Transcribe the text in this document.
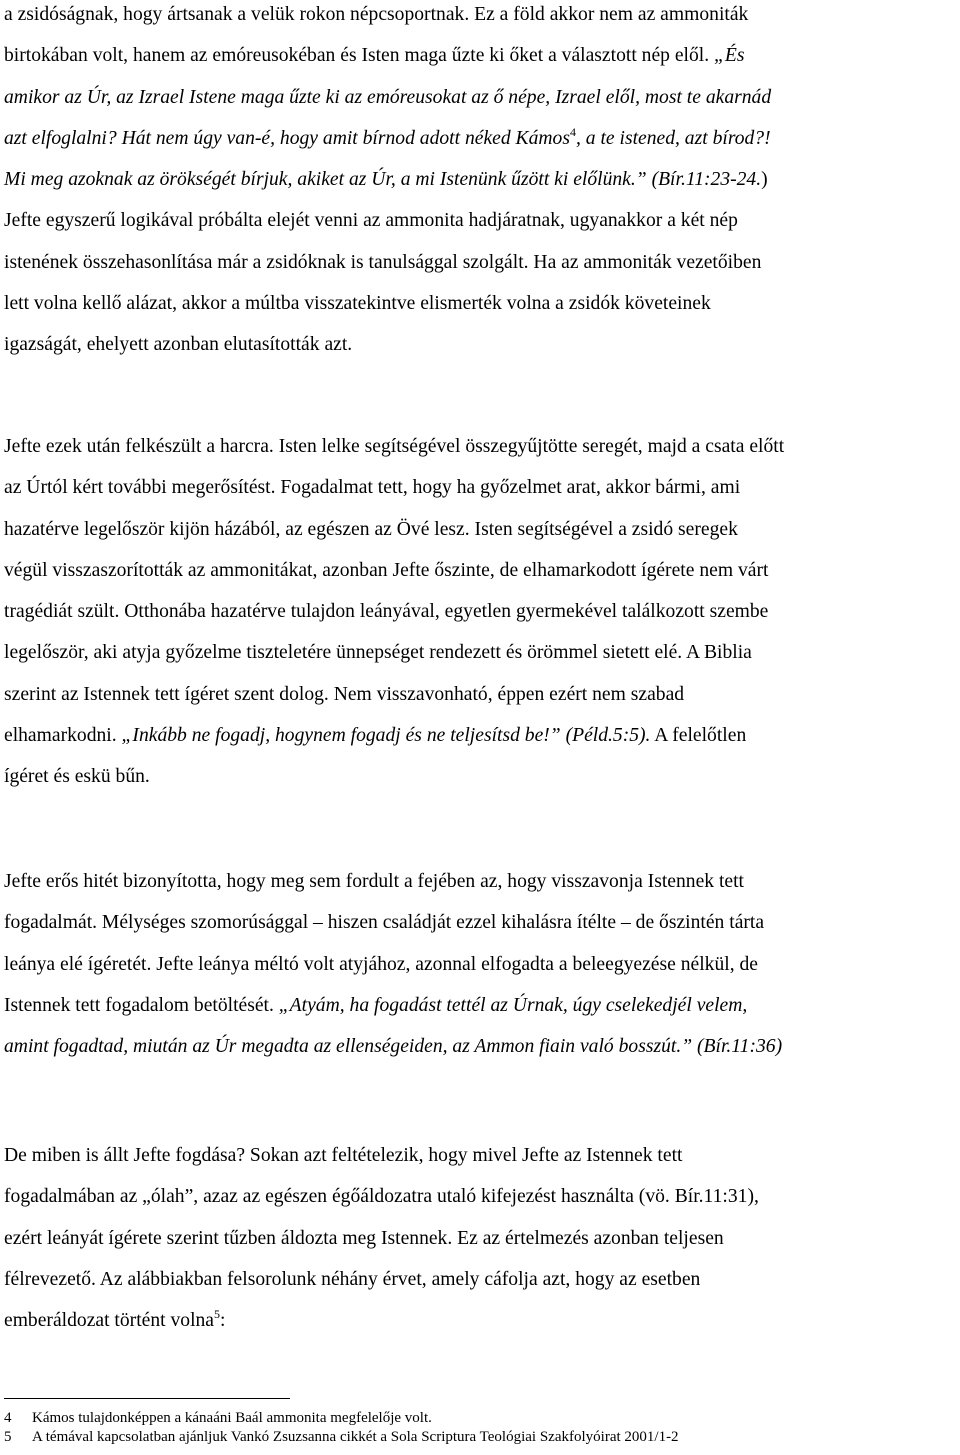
a zsidóságnak, hogy ártsanak a velük rokon népcsoportnak. Ez a föld akkor nem az ammoniták
birtokában volt, hanem az emóreusokéban és Isten maga űzte ki őket a választott nép elől. „És
amikor az Úr, az Izrael Istene maga űzte ki az emóreusokat az ő népe, Izrael elől, most te akarnád
azt elfoglalni? Hát nem úgy van-é, hogy amit bírnod adott néked Kámos$^4$, a te istened, azt bírod?!
Mi meg azoknak az örökségét bírjuk, akiket az Úr, a mi Istenünk űzött ki előlünk.” (Bír.11:23-24.)
Jefte egyszerű logikával próbálta elejét venni az ammonita hadjáratnak, ugyanakkor a két nép
istenének összehasonlítása már a zsidóknak is tanulsággal szolgált. Ha az ammoniták vezetőiben
lett volna kellő alázat, akkor a múltba visszatekintve elismerték volna a zsidók követeinek
igazságát, ehelyett azonban elutasították azt.
Jefte ezek után felkészült a harcra. Isten lelke segítségével összegyűjtötte seregét, majd a csata előtt
az Úrtól kért további megerősítést. Fogadalmat tett, hogy ha győzelmet arat, akkor bármi, ami
hazatérve legelőször kijön házából, az egészen az Övé lesz. Isten segítségével a zsidó seregek
végül visszaszorították az ammonitákat, azonban Jefte őszinte, de elhamarkodott ígérete nem várt
tragédiát szült. Otthonába hazatérve tulajdon leányával, egyetlen gyermekével találkozott szembe
legelőször, aki atyja győzelme tiszteletére ünnepséget rendezett és örömmel sietett elé. A Biblia
szerint az Istennek tett ígéret szent dolog. Nem visszavonható, éppen ezért nem szabad
elhamarkodni. „Inkább ne fogadj, hogynem fogadj és ne teljesítsd be!” (Péld.5:5). A felelőtlen
ígéret és eskü bűn.
Jefte erős hitét bizonyította, hogy meg sem fordult a fejében az, hogy visszavonja Istennek tett
fogadalmát. Mélységes szomorúsággal – hiszen családját ezzel kihalásra ítélte – de őszintén tárta
leánya elé ígéretét. Jefte leánya méltó volt atyjához, azonnal elfogadta a beleegyezése nélkül, de
Istennek tett fogadalom betöltését. „Atyám, ha fogadást tettél az Úrnak, úgy cselekedjél velem,
amint fogadtad, miután az Úr megadta az ellenségeiden, az Ammon fiain való bosszút.” (Bír.11:36)
De miben is állt Jefte fogdása? Sokan azt feltételezik, hogy mivel Jefte az Istennek tett
fogadalmában az „ólah”, azaz az egészen égőáldozatra utaló kifejezést használta (vö. Bír.11:31),
ezért leányát ígérete szerint tűzben áldozta meg Istennek. Ez az értelmezés azonban teljesen
félrevezető. Az alábbiakban felsorolunk néhány érvet, amely cáfolja azt, hogy az esetben
emberáldozat történt volna$^5$:
4 Kámos tulajdonképpen a kánaáni Baál ammonita megfelelője volt.
5 A témával kapcsolatban ajánljuk Vankó Zsuzsanna cikkét a Sola Scriptura Teológiai Szakfolyóirat 2001/1-2
